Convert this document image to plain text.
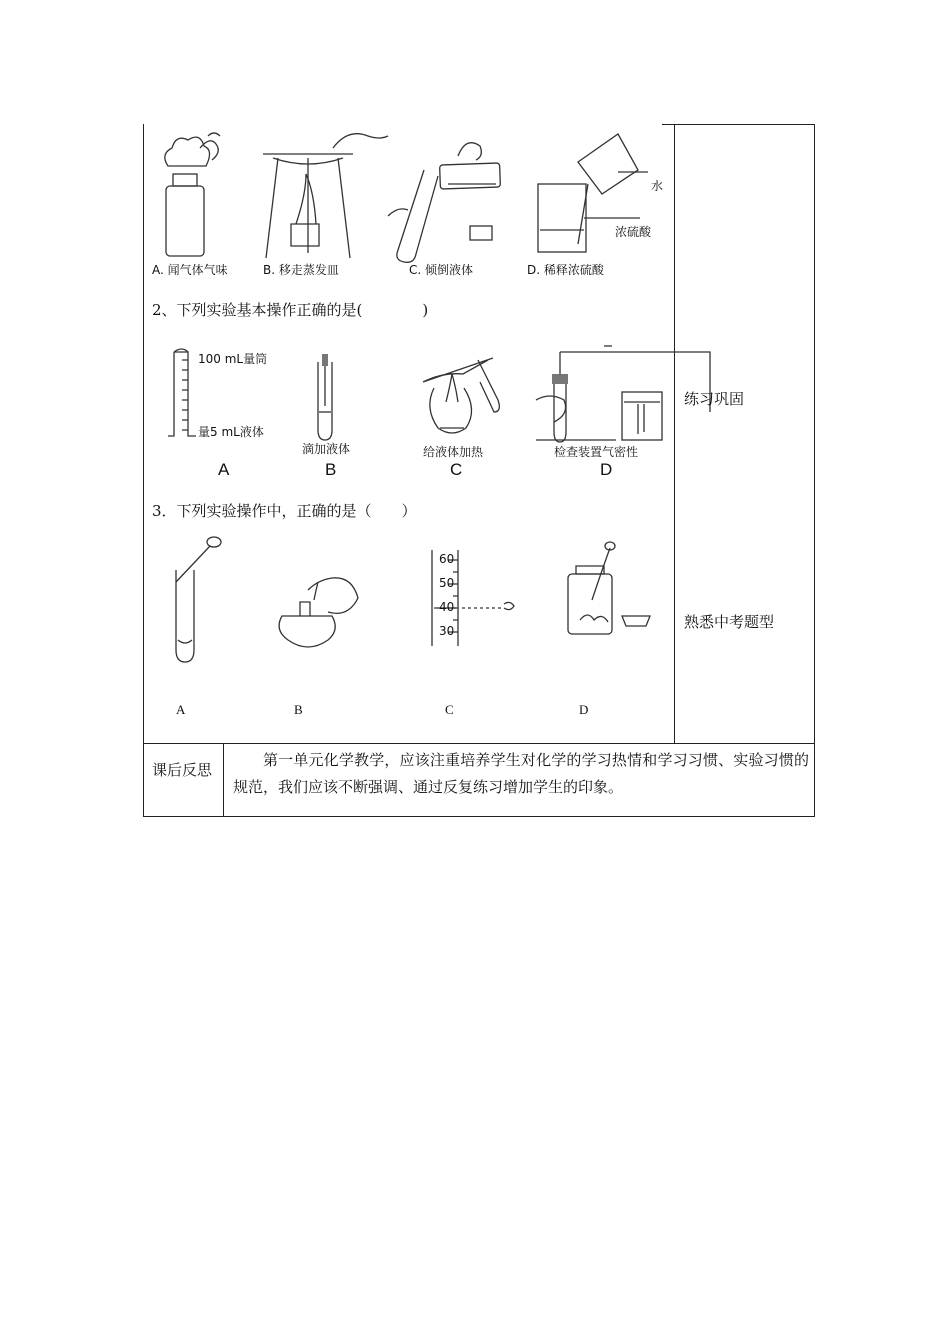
A. 闻气体气味	B. 移走蒸发皿	C. 倾倒液体	D. 稀释浓硫酸
水
浓硫酸
2、下列实验基本操作正确的是(　　　　)
100 mL量筒
量5 mL液体
滴加液体	给液体加热	检查装置气密性
A	B	C	D
3．下列实验操作中，正确的是（　　）
60
50
40
30
A	B	C	D
练习巩固
熟悉中考题型
课后反思
第一单元化学教学，应该注重培养学生对化学的学习热情和学习习惯、实验习惯的规范，我们应该不断强调、通过反复练习增加学生的印象。
